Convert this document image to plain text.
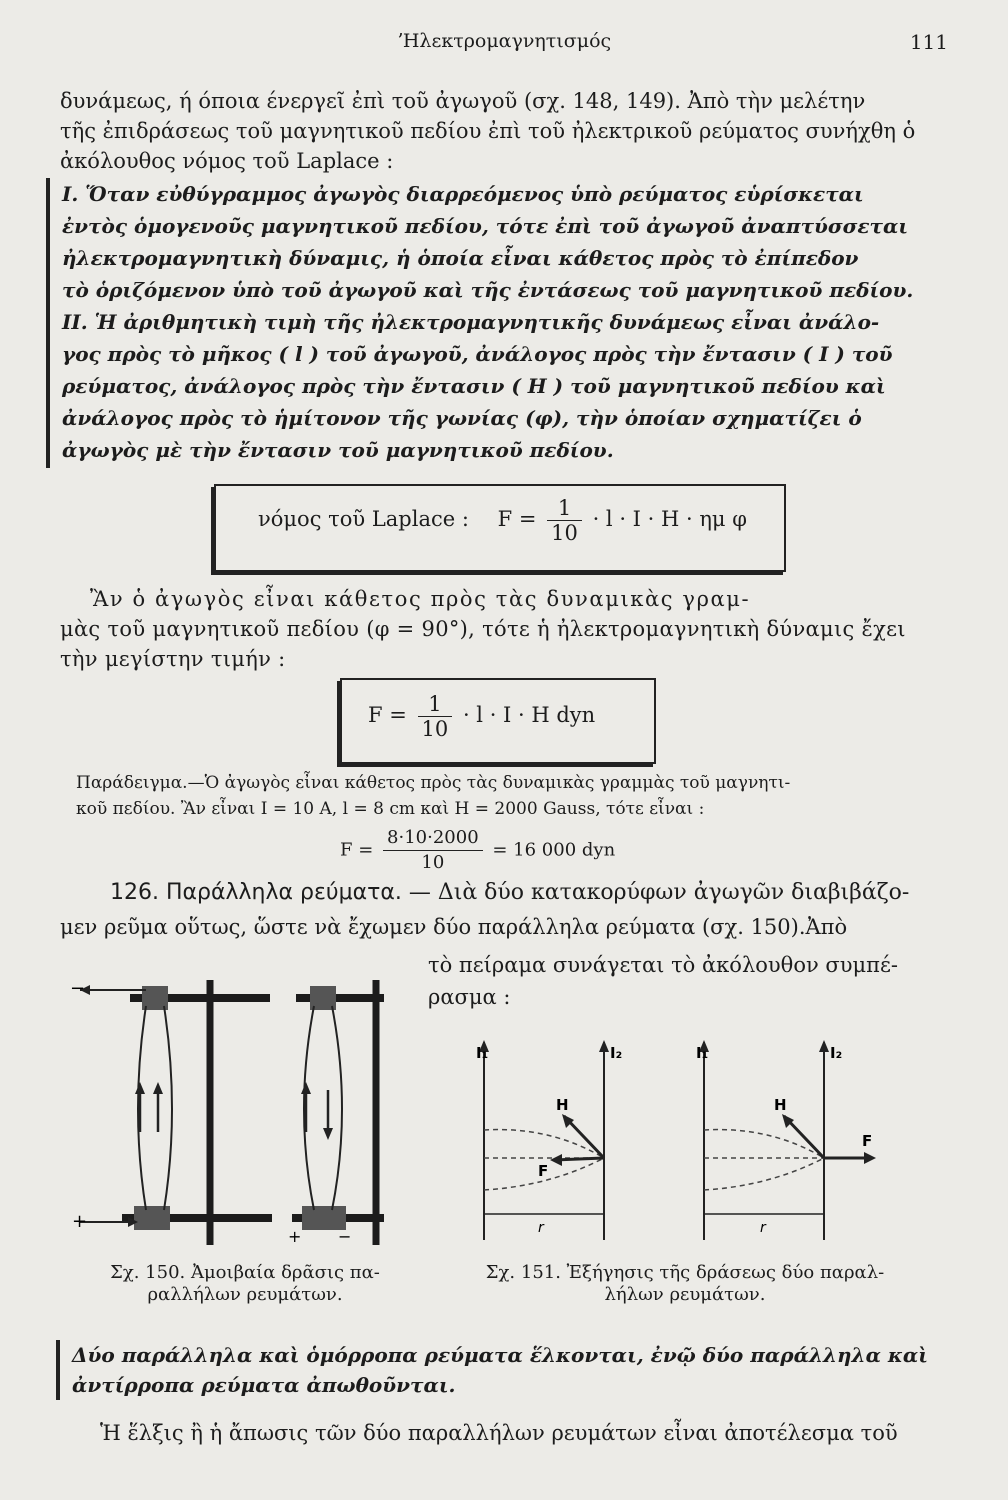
ʼΗλεκτρομαγνητισμός	111
δυνάμεως, ή όποια ένεργεῖ ἐπὶ τοῦ ἀγωγοῦ (σχ. 148, 149). Ἀπὸ τὴν μελέτην
τῆς ἐπιδράσεως τοῦ μαγνητικοῦ πεδίου ἐπὶ τοῦ ἠλεκτρικοῦ ρεύματος συνήχθη ὁ
ἀκόλουθος νόμος τοῦ Laplace :
I. Ὅταν εὐθύγραμμος ἀγωγὸς διαρρεόμενος ὑπὸ ρεύματος εὑρίσκεται
ἐντὸς ὁμογενοῦς μαγνητικοῦ πεδίου, τότε ἐπὶ τοῦ ἀγωγοῦ ἀναπτύσσεται
ἠλεκτρομαγνητικὴ δύναμις, ἡ ὁποία εἶναι κάθετος πρὸς τὸ ἐπίπεδον
τὸ ὁριζόμενον ὑπὸ τοῦ ἀγωγοῦ καὶ τῆς ἐντάσεως τοῦ μαγνητικοῦ πεδίου.
II. Ἡ ἀριθμητικὴ τιμὴ τῆς ἠλεκτρομαγνητικῆς δυνάμεως εἶναι ἀνάλο-
γος πρὸς τὸ μῆκος ( l ) τοῦ ἀγωγοῦ, ἀνάλογος πρὸς τὴν ἔντασιν ( I ) τοῦ
ρεύματος, ἀνάλογος πρὸς τὴν ἔντασιν ( H ) τοῦ μαγνητικοῦ πεδίου καὶ
ἀνάλογος πρὸς τὸ ἡμίτονον τῆς γωνίας (φ), τὴν ὁποίαν σχηματίζει ὁ
ἀγωγὸς μὲ τὴν ἔντασιν τοῦ μαγνητικοῦ πεδίου.
νόμος τοῦ Laplace : $F = \frac{1}{10} \cdot l \cdot I \cdot H \cdot \eta\mu$ φ
Ἂν ὁ ἀγωγὸς εἶναι κάθετος πρὸς τὰς δυναμικὰς γραμ-
μὰς τοῦ μαγνητικοῦ πεδίου (φ = 90°), τότε ἡ ἠλεκτρομαγνητικὴ δύναμις ἔχει
τὴν μεγίστην τιμήν :
$F = \frac{1}{10} \cdot l \cdot I \cdot H$ dyn
Παράδειγμα.—Ὁ ἀγωγὸς εἶναι κάθετος πρὸς τὰς δυναμικὰς γραμμὰς τοῦ μαγνητι-
κοῦ πεδίου. Ἂν εἶναι I = 10 A, l = 8 cm καὶ H = 2000 Gauss, τότε εἶναι :
$F = \frac{8\cdot 10\cdot 2000}{10} = 16$ 000 dyn
126. Παράλληλα ρεύματα. — Διὰ δύο κατακορύφων ἀγωγῶν διαβιβάζο-
μεν ρεῦμα οὕτως, ὥστε νὰ ἔχωμεν δύο παράλληλα ρεύματα (σχ. 150).Ἀπὸ
τὸ πείραμα συνάγεται τὸ ἀκόλουθον συμπέ-
ρασμα :
+
−
+ −
I₁	I₂
H
F
r
I₁	I₂
H
F
r
Σχ. 150. Ἀμοιβαία δρᾶσις πα-
ραλλήλων ρευμάτων.
Σχ. 151. Ἐξήγησις τῆς δράσεως δύο παραλ-
λήλων ρευμάτων.
Δύο παράλληλα καὶ ὁμόρροπα ρεύματα ἕλκονται, ἐνῷ δύο παράλληλα καὶ
ἀντίρροπα ρεύματα ἀπωθοῦνται.
Ἡ ἕλξις ἢ ἡ ἄπωσις τῶν δύο παραλλήλων ρευμάτων εἶναι ἀποτέλεσμα τοῦ
